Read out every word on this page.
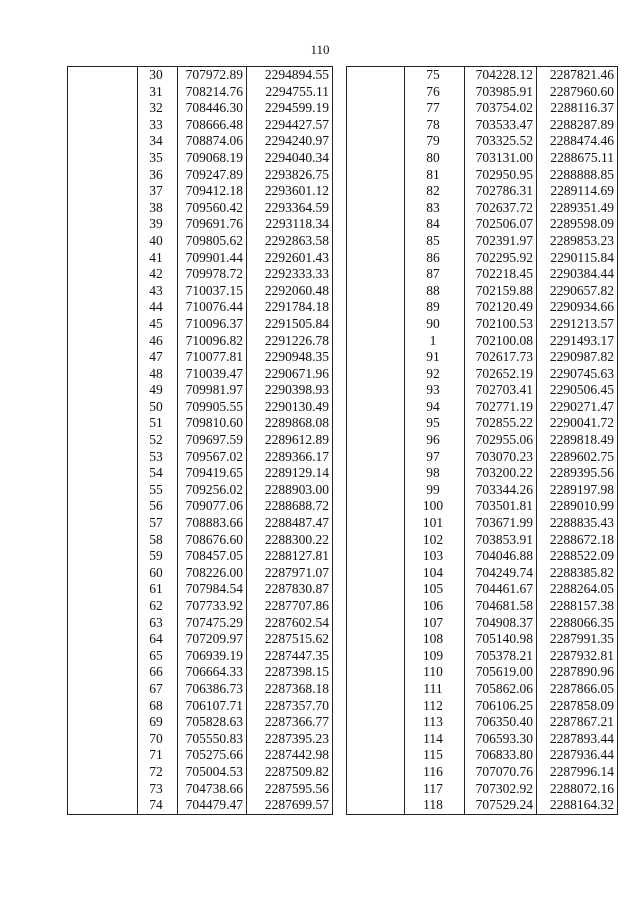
110
	30	707972.89	2294894.55
	31	708214.76	2294755.11
	32	708446.30	2294599.19
	33	708666.48	2294427.57
	34	708874.06	2294240.97
	35	709068.19	2294040.34
	36	709247.89	2293826.75
	37	709412.18	2293601.12
	38	709560.42	2293364.59
	39	709691.76	2293118.34
	40	709805.62	2292863.58
	41	709901.44	2292601.43
	42	709978.72	2292333.33
	43	710037.15	2292060.48
	44	710076.44	2291784.18
	45	710096.37	2291505.84
	46	710096.82	2291226.78
	47	710077.81	2290948.35
	48	710039.47	2290671.96
	49	709981.97	2290398.93
	50	709905.55	2290130.49
	51	709810.60	2289868.08
	52	709697.59	2289612.89
	53	709567.02	2289366.17
	54	709419.65	2289129.14
	55	709256.02	2288903.00
	56	709077.06	2288688.72
	57	708883.66	2288487.47
	58	708676.60	2288300.22
	59	708457.05	2288127.81
	60	708226.00	2287971.07
	61	707984.54	2287830.87
	62	707733.92	2287707.86
	63	707475.29	2287602.54
	64	707209.97	2287515.62
	65	706939.19	2287447.35
	66	706664.33	2287398.15
	67	706386.73	2287368.18
	68	706107.71	2287357.70
	69	705828.63	2287366.77
	70	705550.83	2287395.23
	71	705275.66	2287442.98
	72	705004.53	2287509.82
	73	704738.66	2287595.56
	74	704479.47	2287699.57
	75	704228.12	2287821.46
	76	703985.91	2287960.60
	77	703754.02	2288116.37
	78	703533.47	2288287.89
	79	703325.52	2288474.46
	80	703131.00	2288675.11
	81	702950.95	2288888.85
	82	702786.31	2289114.69
	83	702637.72	2289351.49
	84	702506.07	2289598.09
	85	702391.97	2289853.23
	86	702295.92	2290115.84
	87	702218.45	2290384.44
	88	702159.88	2290657.82
	89	702120.49	2290934.66
	90	702100.53	2291213.57
	1	702100.08	2291493.17
	91	702617.73	2290987.82
	92	702652.19	2290745.63
	93	702703.41	2290506.45
	94	702771.19	2290271.47
	95	702855.22	2290041.72
	96	702955.06	2289818.49
	97	703070.23	2289602.75
	98	703200.22	2289395.56
	99	703344.26	2289197.98
	100	703501.81	2289010.99
	101	703671.99	2288835.43
	102	703853.91	2288672.18
	103	704046.88	2288522.09
	104	704249.74	2288385.82
	105	704461.67	2288264.05
	106	704681.58	2288157.38
	107	704908.37	2288066.35
	108	705140.98	2287991.35
	109	705378.21	2287932.81
	110	705619.00	2287890.96
	111	705862.06	2287866.05
	112	706106.25	2287858.09
	113	706350.40	2287867.21
	114	706593.30	2287893.44
	115	706833.80	2287936.44
	116	707070.76	2287996.14
	117	707302.92	2288072.16
	118	707529.24	2288164.32
